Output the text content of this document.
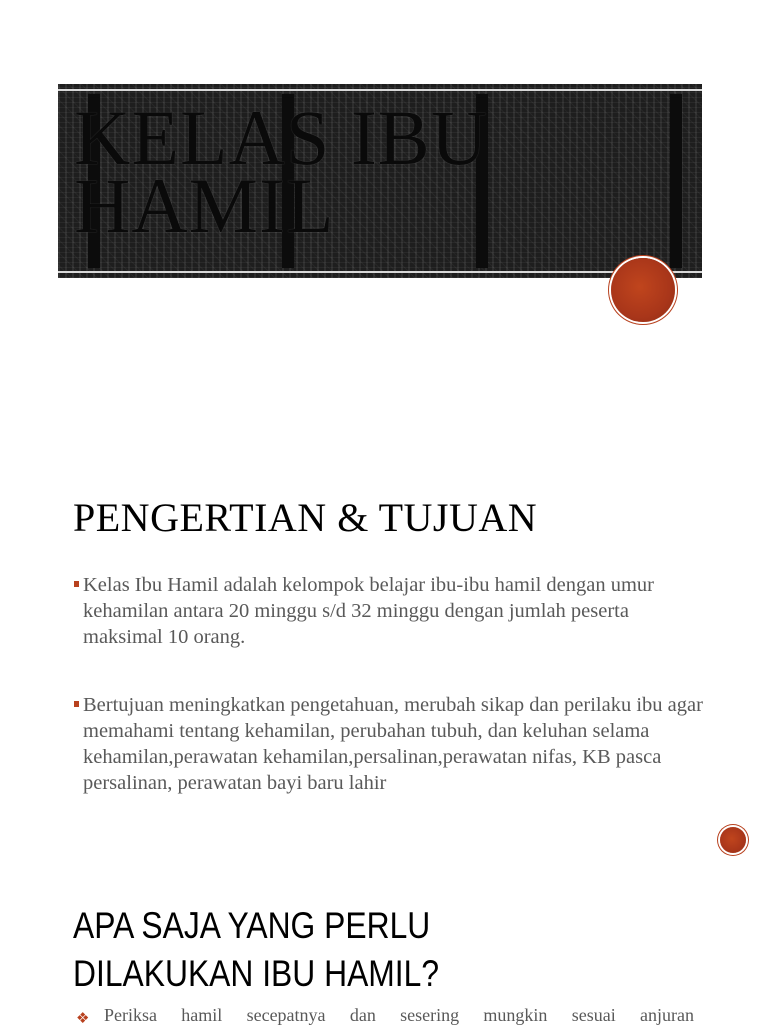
KELAS IBU
HAMIL
PENGERTIAN & TUJUAN
Kelas Ibu Hamil adalah kelompok belajar ibu-ibu hamil dengan umur kehamilan antara 20 minggu s/d 32 minggu dengan jumlah peserta maksimal 10 orang.
Bertujuan meningkatkan pengetahuan, merubah sikap dan perilaku ibu agar memahami tentang kehamilan, perubahan tubuh, dan keluhan selama kehamilan,perawatan kehamilan,persalinan,perawatan nifas, KB pasca persalinan, perawatan bayi baru lahir
APA SAJA YANG PERLU
DILAKUKAN IBU HAMIL?
❖ Periksa hamil secepatnya dan sesering mungkin sesuai anjuran
